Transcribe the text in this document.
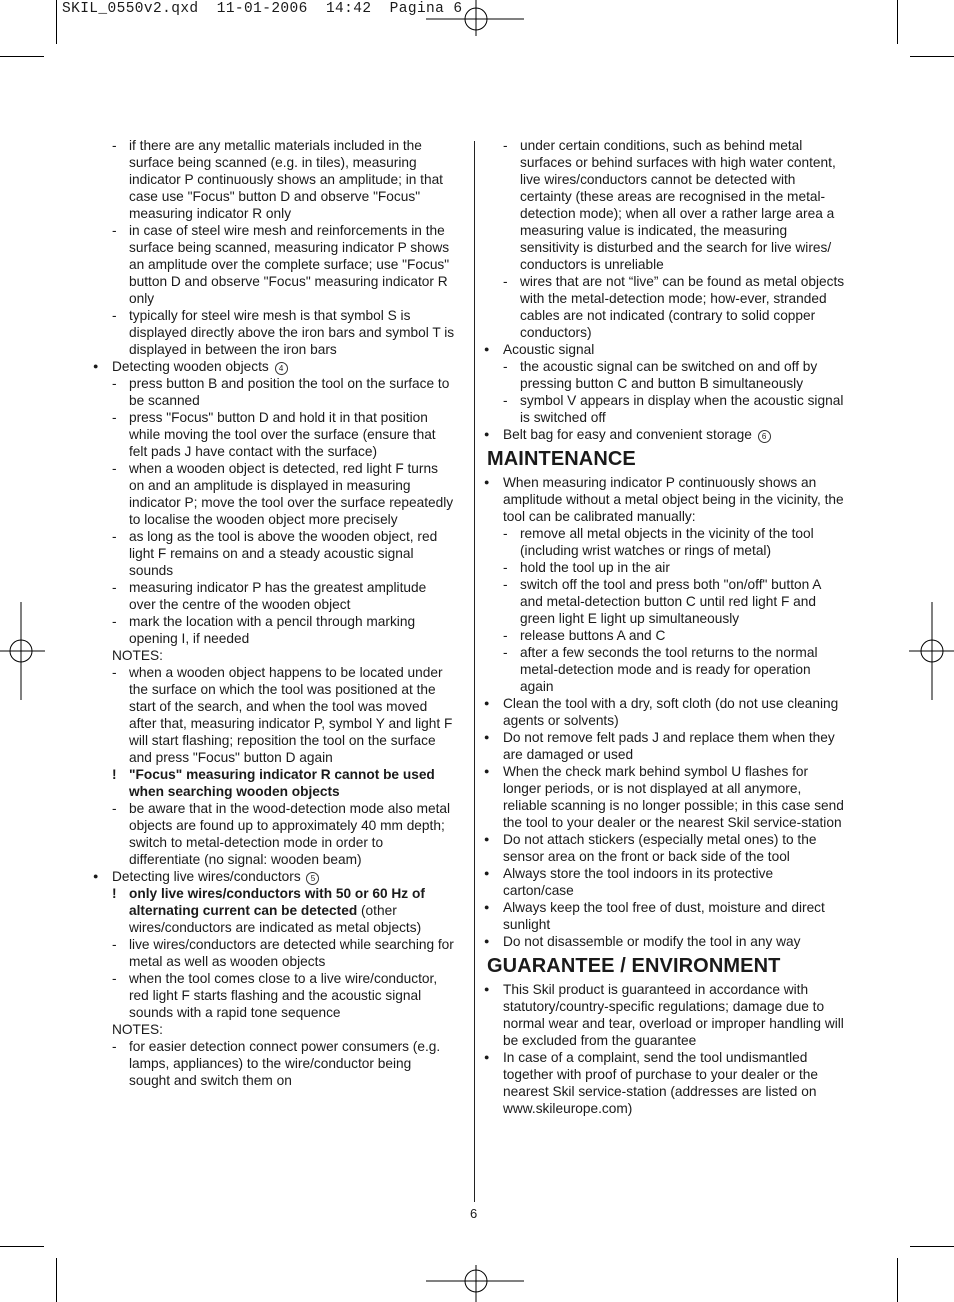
SKIL_0550v2.qxd  11-01-2006  14:42  Pagina 6
- if there are any metallic materials included in the
surface being scanned (e.g. in tiles), measuring
indicator P continuously shows an amplitude; in that
case use "Focus" button D and observe "Focus"
measuring indicator R only
- in case of steel wire mesh and reinforcements in the
surface being scanned, measuring indicator P shows
an amplitude over the complete surface; use "Focus"
button D and observe "Focus" measuring indicator R
only
- typically for steel wire mesh is that symbol S is
displayed directly above the iron bars and symbol T is
displayed in between the iron bars
● Detecting wooden objects 4
- press button B and position the tool on the surface to
be scanned
- press "Focus" button D and hold it in that position
while moving the tool over the surface (ensure that
felt pads J have contact with the surface)
- when a wooden object is detected, red light F turns
on and an amplitude is displayed in measuring
indicator P; move the tool over the surface repeatedly
to localise the wooden object more precisely
- as long as the tool is above the wooden object, red
light F remains on and a steady acoustic signal
sounds
- measuring indicator P has the greatest amplitude
over the centre of the wooden object
- mark the location with a pencil through marking
opening I, if needed
NOTES:
- when a wooden object happens to be located under
the surface on which the tool was positioned at the
start of the search, and when the tool was moved
after that, measuring indicator P, symbol Y and light F
will start flashing; reposition the tool on the surface
and press "Focus" button D again
! "Focus" measuring indicator R cannot be used
when searching wooden objects
- be aware that in the wood-detection mode also metal
objects are found up to approximately 40 mm depth;
switch to metal-detection mode in order to
differentiate (no signal: wooden beam)
● Detecting live wires/conductors 5
! only live wires/conductors with 50 or 60 Hz of
alternating current can be detected (other
wires/conductors are indicated as metal objects)
- live wires/conductors are detected while searching for
metal as well as wooden objects
- when the tool comes close to a live wire/conductor,
red light F starts flashing and the acoustic signal
sounds with a rapid tone sequence
NOTES:
- for easier detection connect power consumers (e.g.
lamps, appliances) to the wire/conductor being
sought and switch them on
- under certain conditions, such as behind metal
surfaces or behind surfaces with high water content,
live wires/conductors cannot be detected with
certainty (these areas are recognised in the metal-
detection mode); when all over a rather large area a
measuring value is indicated, the measuring
sensitivity is disturbed and the search for live wires/
conductors is unreliable
- wires that are not “live” can be found as metal objects
with the metal-detection mode; how-ever, stranded
cables are not indicated (contrary to solid copper
conductors)
● Acoustic signal
- the acoustic signal can be switched on and off by
pressing button C and button B simultaneously
- symbol V appears in display when the acoustic signal
is switched off
● Belt bag for easy and convenient storage 6
MAINTENANCE
● When measuring indicator P continuously shows an
amplitude without a metal object being in the vicinity, the
tool can be calibrated manually:
- remove all metal objects in the vicinity of the tool
(including wrist watches or rings of metal)
- hold the tool up in the air
- switch off the tool and press both "on/off" button A
and metal-detection button C until red light F and
green light E light up simultaneously
- release buttons A and C
- after a few seconds the tool returns to the normal
metal-detection mode and is ready for operation
again
● Clean the tool with a dry, soft cloth (do not use cleaning
agents or solvents)
● Do not remove felt pads J and replace them when they
are damaged or used
● When the check mark behind symbol U flashes for
longer periods, or is not displayed at all anymore,
reliable scanning is no longer possible; in this case send
the tool to your dealer or the nearest Skil service-station
● Do not attach stickers (especially metal ones) to the
sensor area on the front or back side of the tool
● Always store the tool indoors in its protective
carton/case
● Always keep the tool free of dust, moisture and direct
sunlight
● Do not disassemble or modify the tool in any way
GUARANTEE / ENVIRONMENT
● This Skil product is guaranteed in accordance with
statutory/country-specific regulations; damage due to
normal wear and tear, overload or improper handling will
be excluded from the guarantee
● In case of a complaint, send the tool undismantled
together with proof of purchase to your dealer or the
nearest Skil service-station (addresses are listed on
www.skileurope.com)
6
